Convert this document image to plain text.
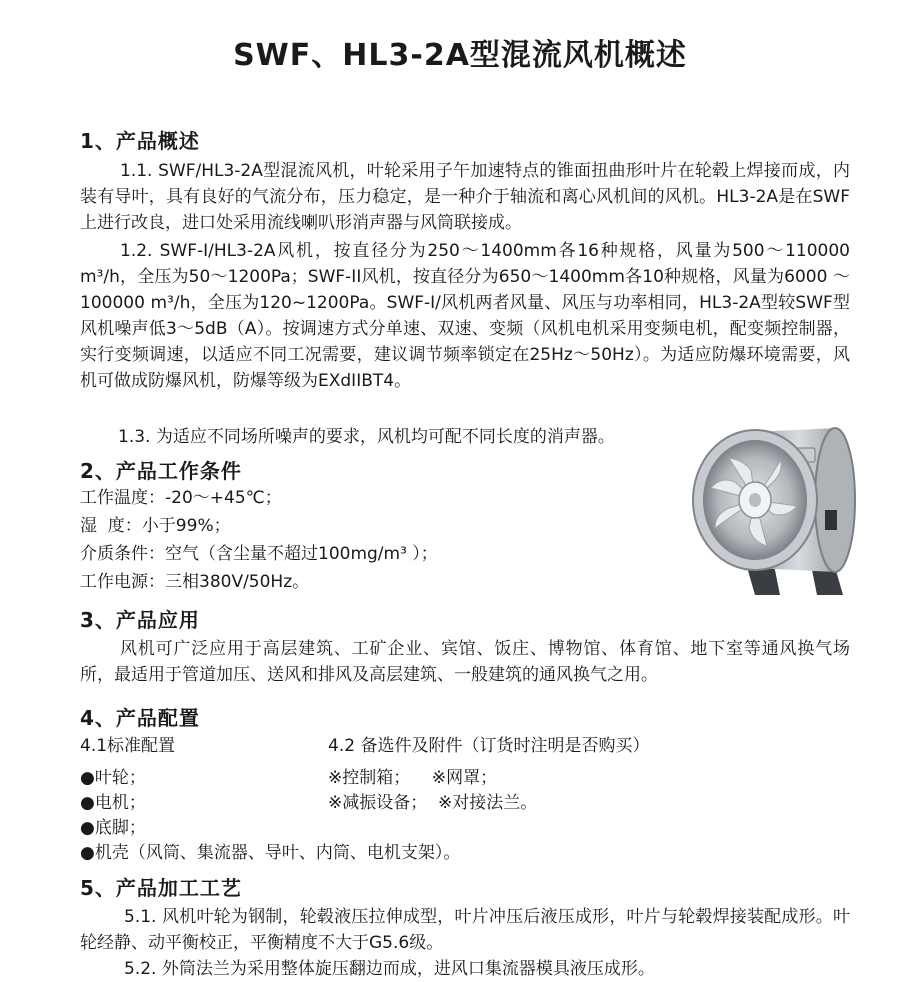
SWF、HL3-2A型混流风机概述
1、产品概述
1.1. SWF/HL3-2A型混流风机，叶轮采用子午加速特点的锥面扭曲形叶片在轮毂上焊接而成，内装有导叶，具有良好的气流分布，压力稳定，是一种介于轴流和离心风机间的风机。HL3-2A是在SWF上进行改良，进口处采用流线喇叭形消声器与风筒联接成。
1.2. SWF-I/HL3-2A风机，按直径分为250～1400mm各16种规格，风量为500～110000 m³/h，全压为50～1200Pa；SWF-II风机，按直径分为650～1400mm各10种规格，风量为6000 ～100000 m³/h，全压为120~1200Pa。SWF-I/风机两者风量、风压与功率相同，HL3-2A型较SWF型风机噪声低3～5dB（A）。按调速方式分单速、双速、变频（风机电机采用变频电机，配变频控制器，实行变频调速，以适应不同工况需要，建议调节频率锁定在25Hz～50Hz）。为适应防爆环境需要，风机可做成防爆风机，防爆等级为EXdIIBT4。
1.3. 为适应不同场所噪声的要求，风机均可配不同长度的消声器。
2、产品工作条件
工作温度：-20～+45℃；
湿  度：小于99%；
介质条件：空气（含尘量不超过100mg/m³ ）；
工作电源：三相380V/50Hz。
3、产品应用
风机可广泛应用于高层建筑、工矿企业、宾馆、饭庄、博物馆、体育馆、地下室等通风换气场所，最适用于管道加压、送风和排风及高层建筑、一般建筑的通风换气之用。
4、产品配置
4.1标准配置	4.2 备选件及附件（订货时注明是否购买）
●叶轮；
●电机；
●底脚；
●机壳（风筒、集流器、导叶、内筒、电机支架）。
※控制箱；    ※网罩；
※减振设备；  ※对接法兰。
5、产品加工工艺
5.1. 风机叶轮为钢制，轮毂液压拉伸成型，叶片冲压后液压成形，叶片与轮毂焊接装配成形。叶轮经静、动平衡校正，平衡精度不大于G5.6级。
5.2. 外筒法兰为采用整体旋压翻边而成，进风口集流器模具液压成形。
